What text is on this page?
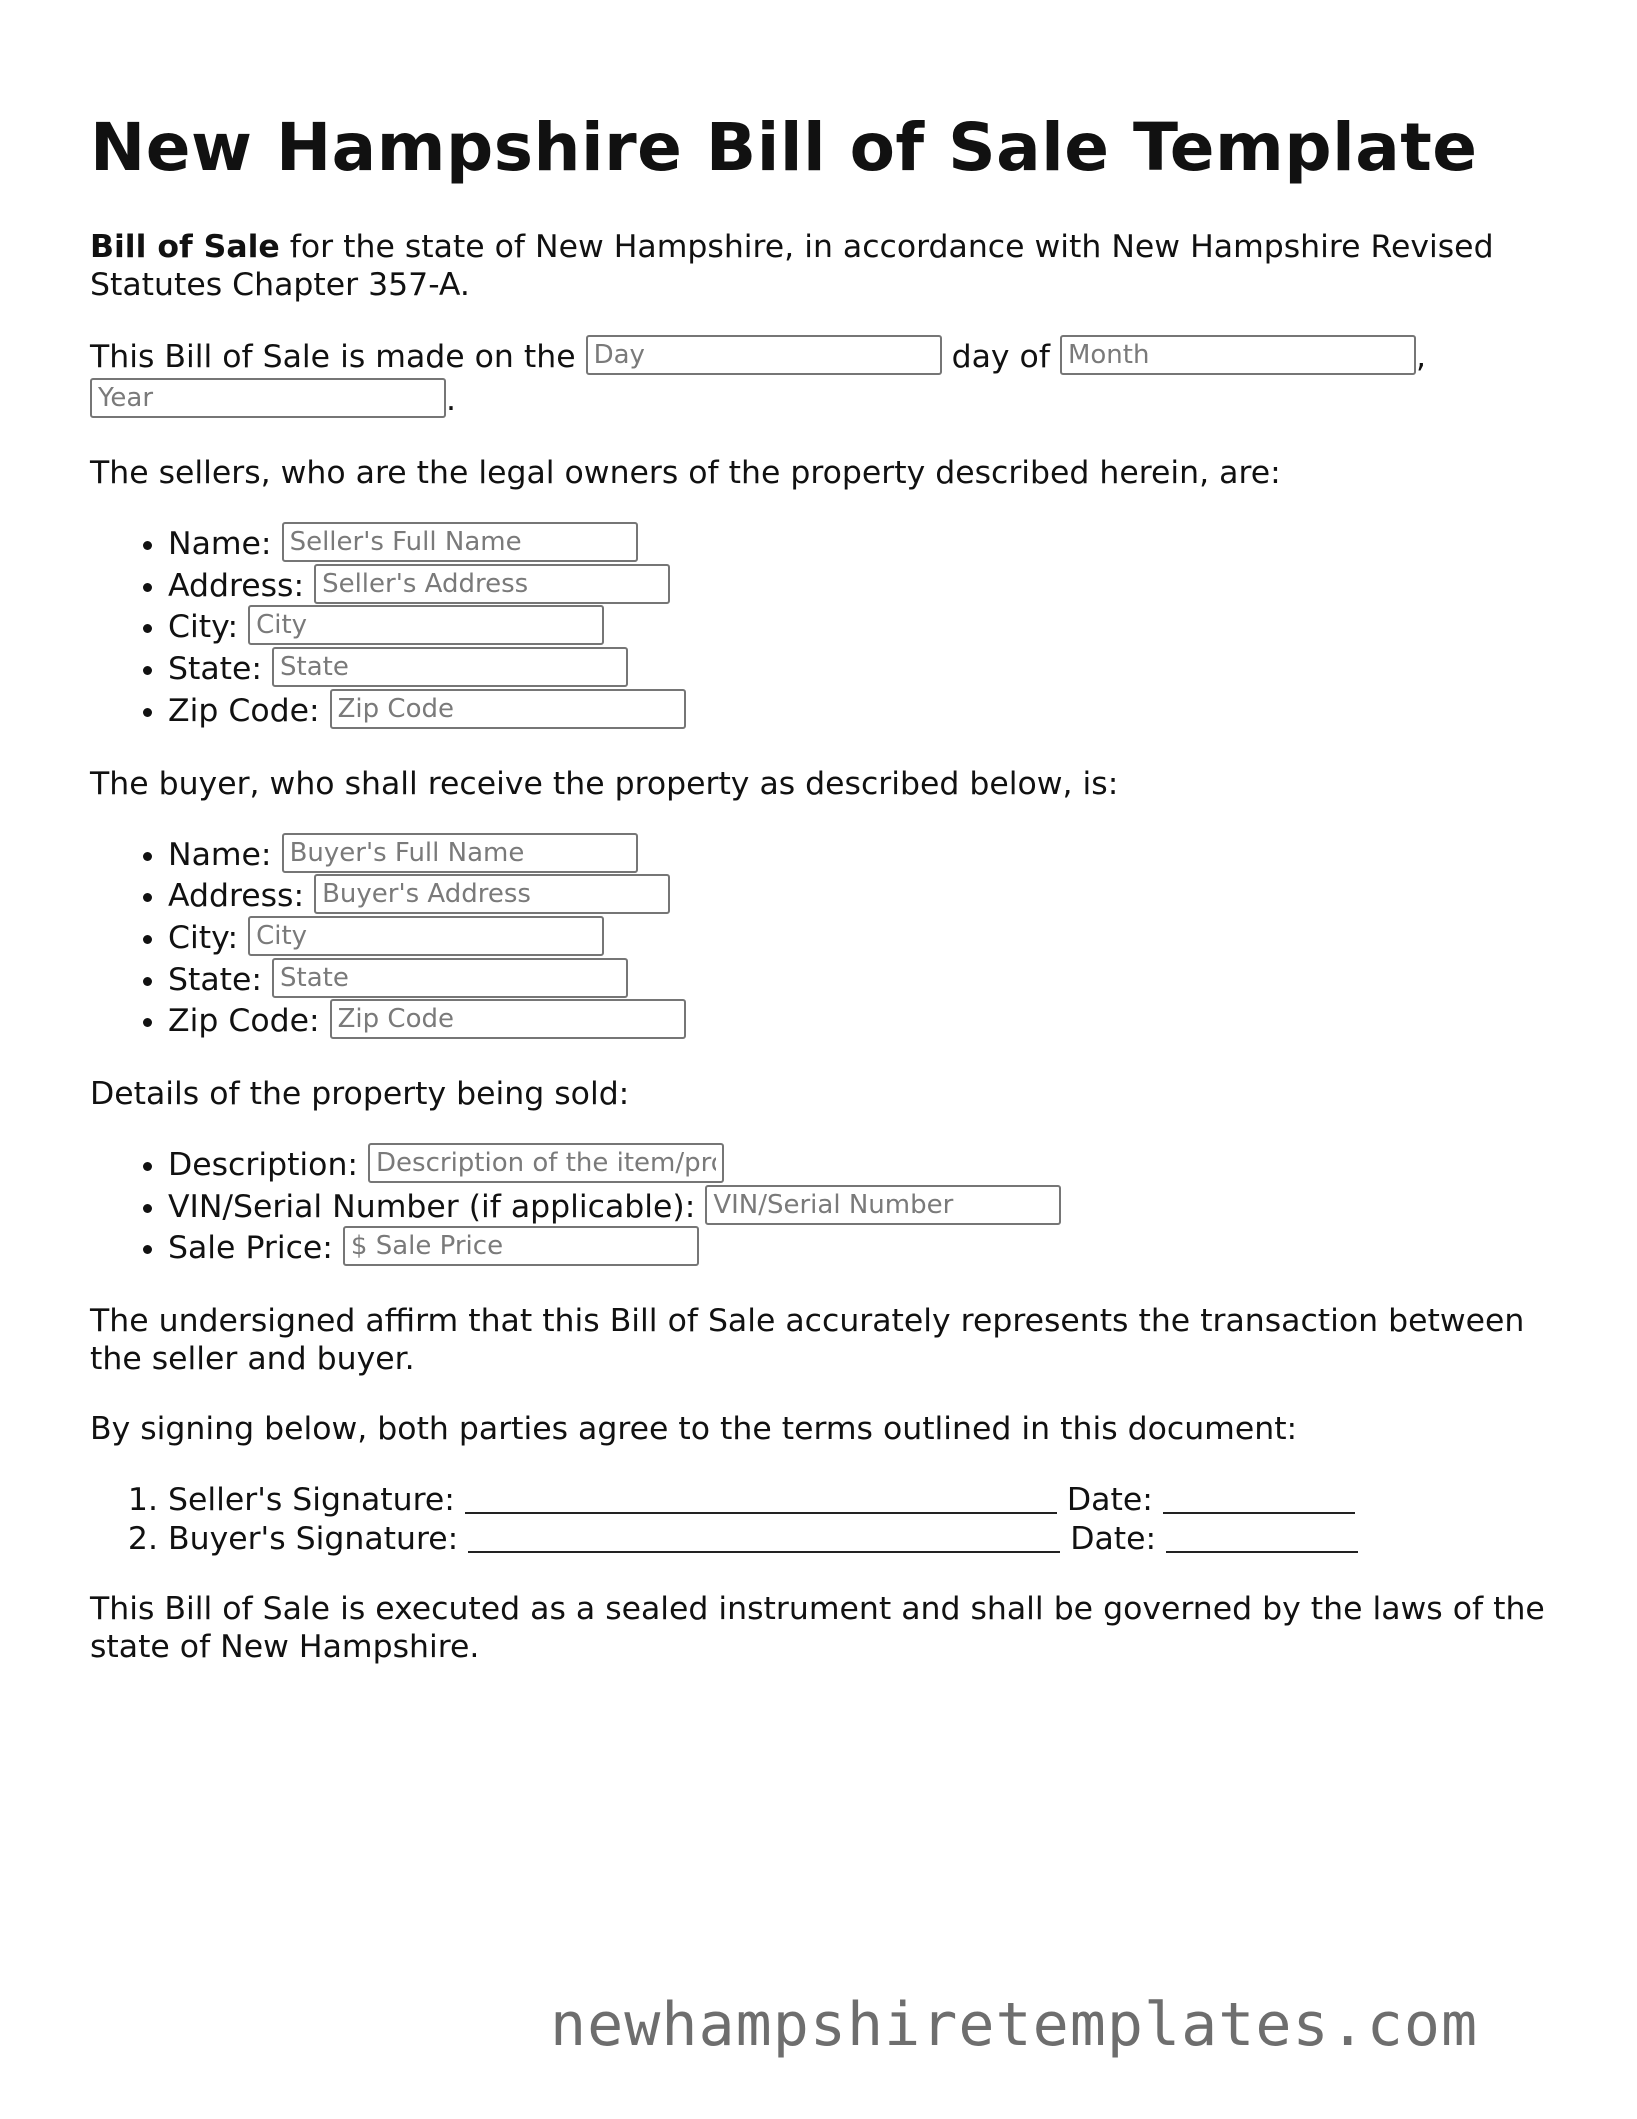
New Hampshire Bill of Sale Template

Bill of Sale for the state of New Hampshire, in accordance with New Hampshire Revised Statutes Chapter 357-A.

This Bill of Sale is made on the Day	day of Month	,
Year.

The sellers, who are the legal owners of the property described herein, are:

• Name: Seller's Full Name
• Address: Seller's Address
• City: City
• State: State
• Zip Code: Zip Code

The buyer, who shall receive the property as described below, is:

• Name: Buyer's Full Name
• Address: Buyer's Address
• City: City
• State: State
• Zip Code: Zip Code

Details of the property being sold:

• Description: Description of the item/property
• VIN/Serial Number (if applicable): VIN/Serial Number
• Sale Price: $ Sale Price

The undersigned affirm that this Bill of Sale accurately represents the transaction between the seller and buyer.

By signing below, both parties agree to the terms outlined in this document:

1. Seller's Signature:	Date:
2. Buyer's Signature:	Date:

This Bill of Sale is executed as a sealed instrument and shall be governed by the laws of the state of New Hampshire.

newhampshiretemplates.com
